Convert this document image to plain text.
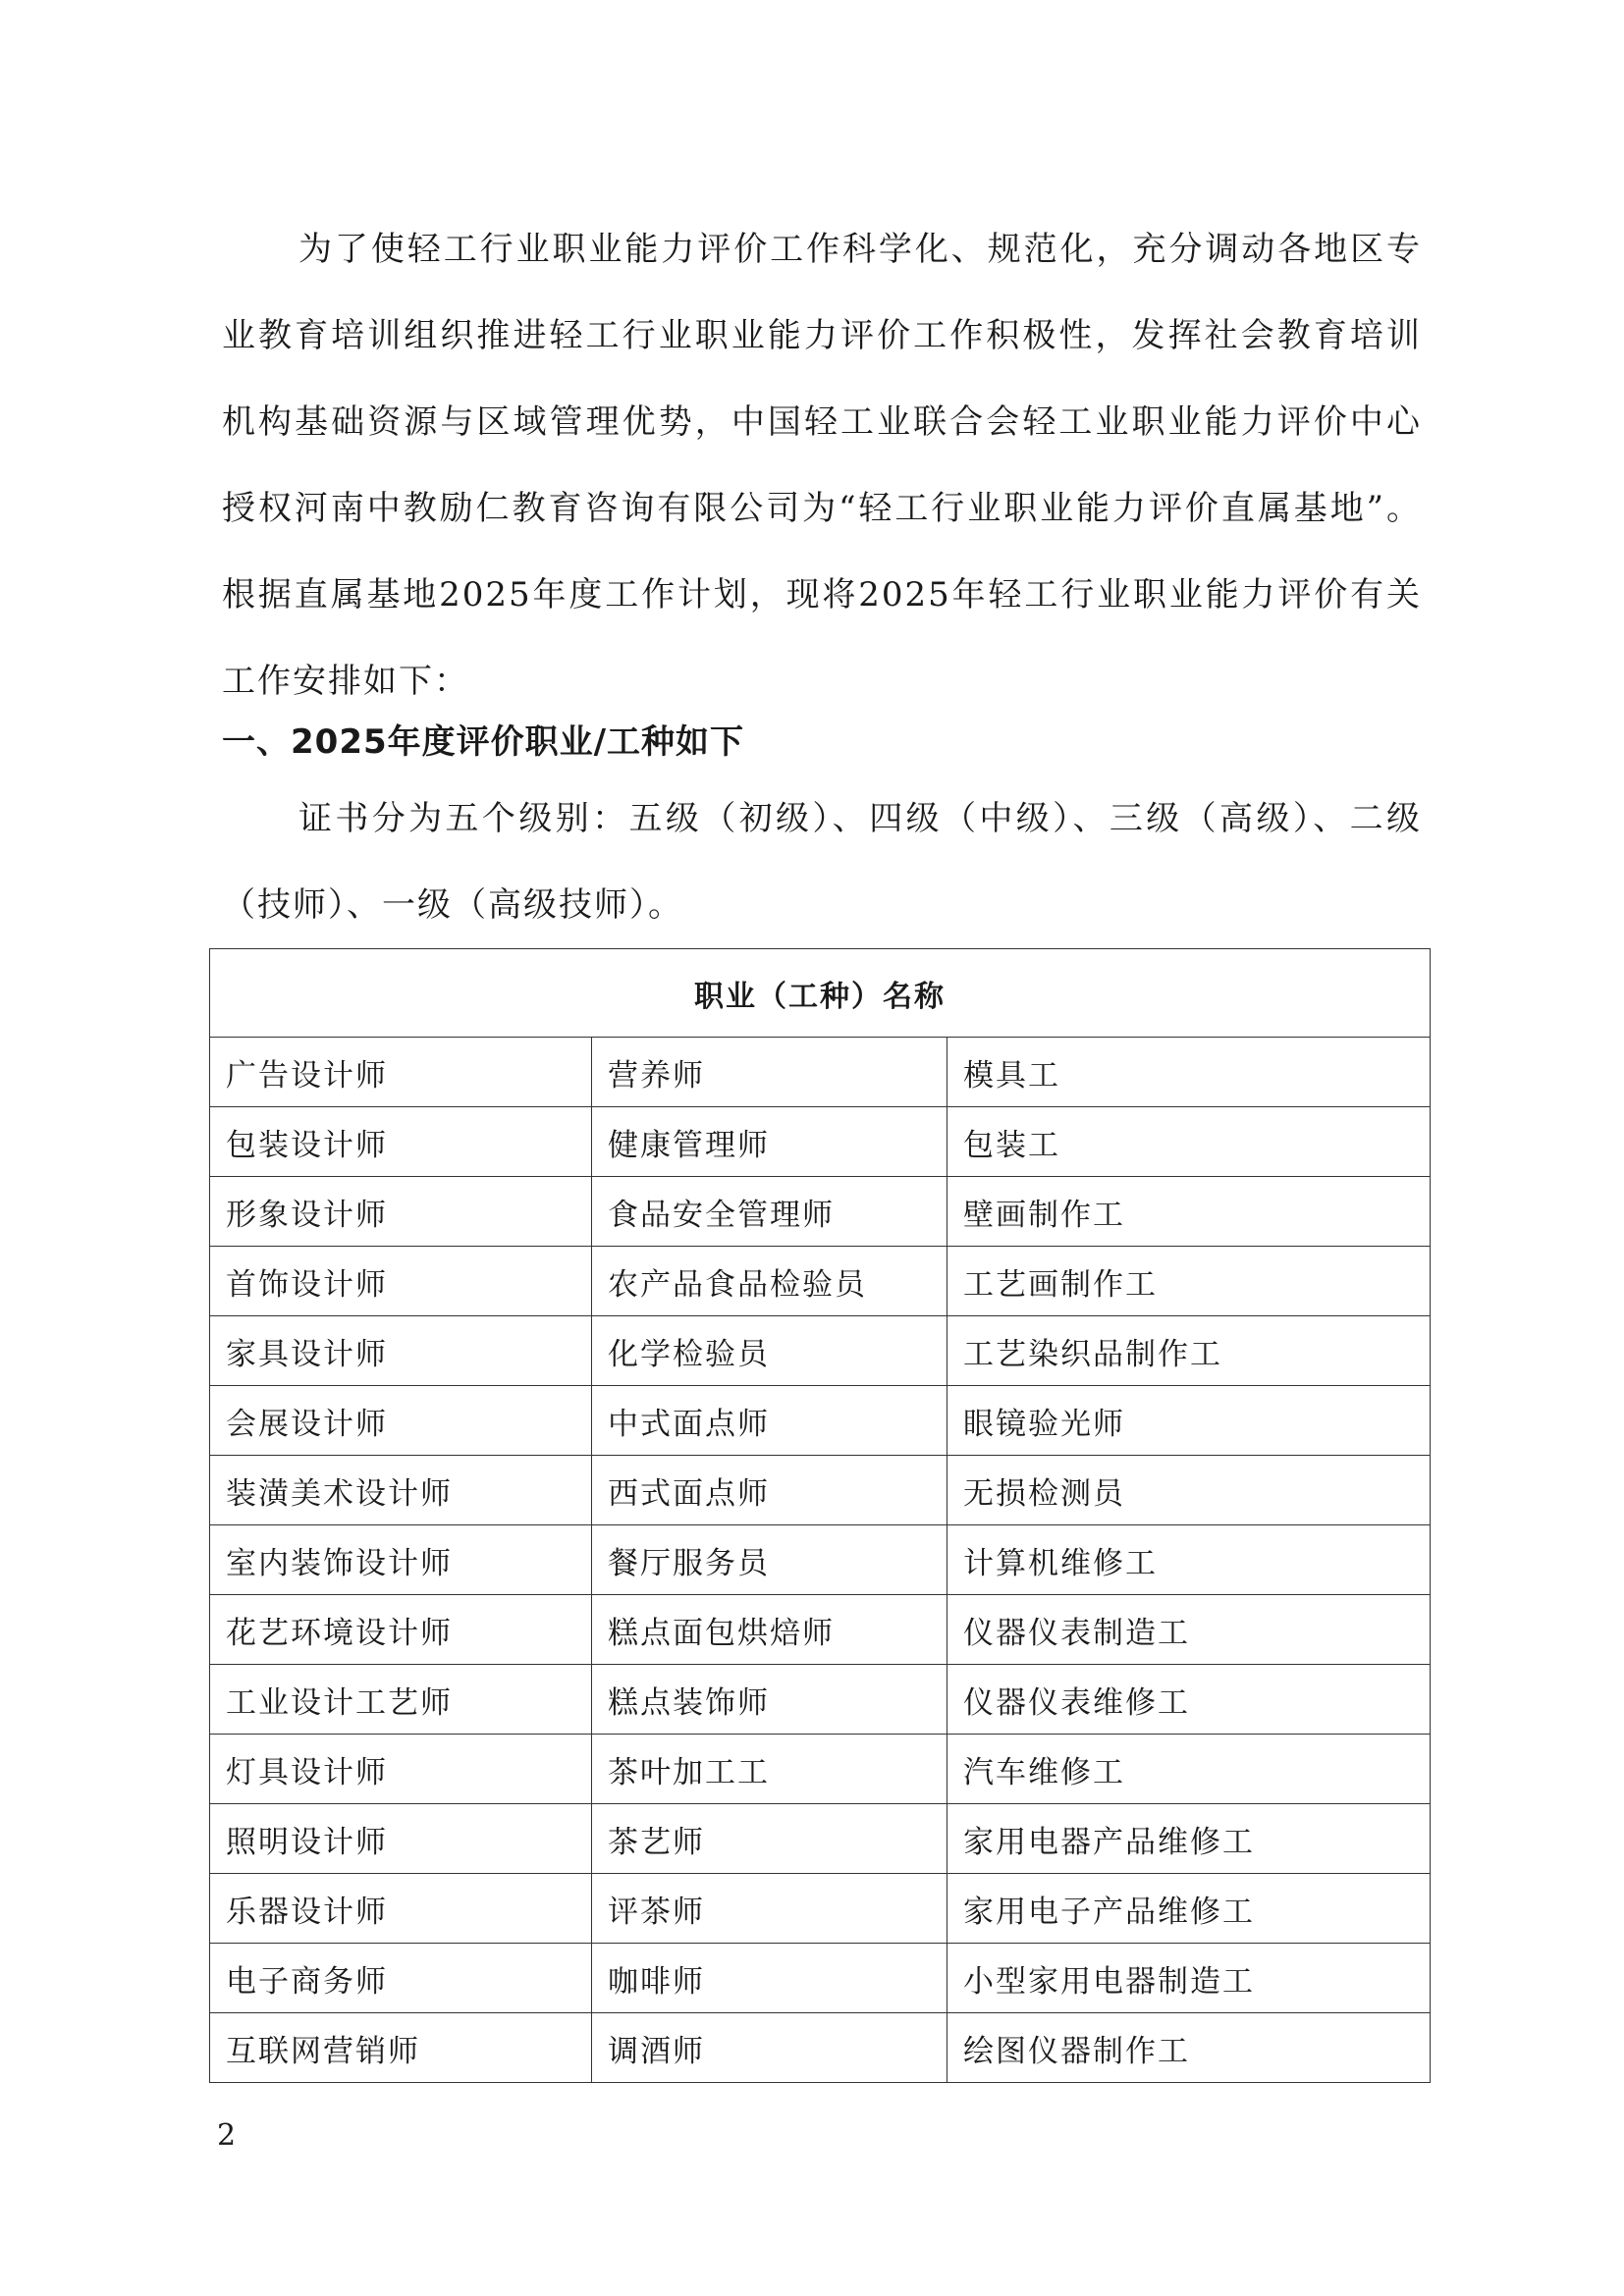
为了使轻工行业职业能力评价工作科学化、规范化，充分调动各地区专业教育培训组织推进轻工行业职业能力评价工作积极性，发挥社会教育培训机构基础资源与区域管理优势，中国轻工业联合会轻工业职业能力评价中心授权河南中教励仁教育咨询有限公司为“轻工行业职业能力评价直属基地”。根据直属基地2025年度工作计划，现将2025年轻工行业职业能力评价有关工作安排如下：

一、2025年度评价职业/工种如下

证书分为五个级别：五级（初级）、四级（中级）、三级（高级）、二级（技师）、一级（高级技师）。

职业（工种）名称		
广告设计师	营养师	模具工
包装设计师	健康管理师	包装工
形象设计师	食品安全管理师	壁画制作工
首饰设计师	农产品食品检验员	工艺画制作工
家具设计师	化学检验员	工艺染织品制作工
会展设计师	中式面点师	眼镜验光师
装潢美术设计师	西式面点师	无损检测员
室内装饰设计师	餐厅服务员	计算机维修工
花艺环境设计师	糕点面包烘焙师	仪器仪表制造工
工业设计工艺师	糕点装饰师	仪器仪表维修工
灯具设计师	茶叶加工工	汽车维修工
照明设计师	茶艺师	家用电器产品维修工
乐器设计师	评茶师	家用电子产品维修工
电子商务师	咖啡师	小型家用电器制造工
互联网营销师	调酒师	绘图仪器制作工

2
